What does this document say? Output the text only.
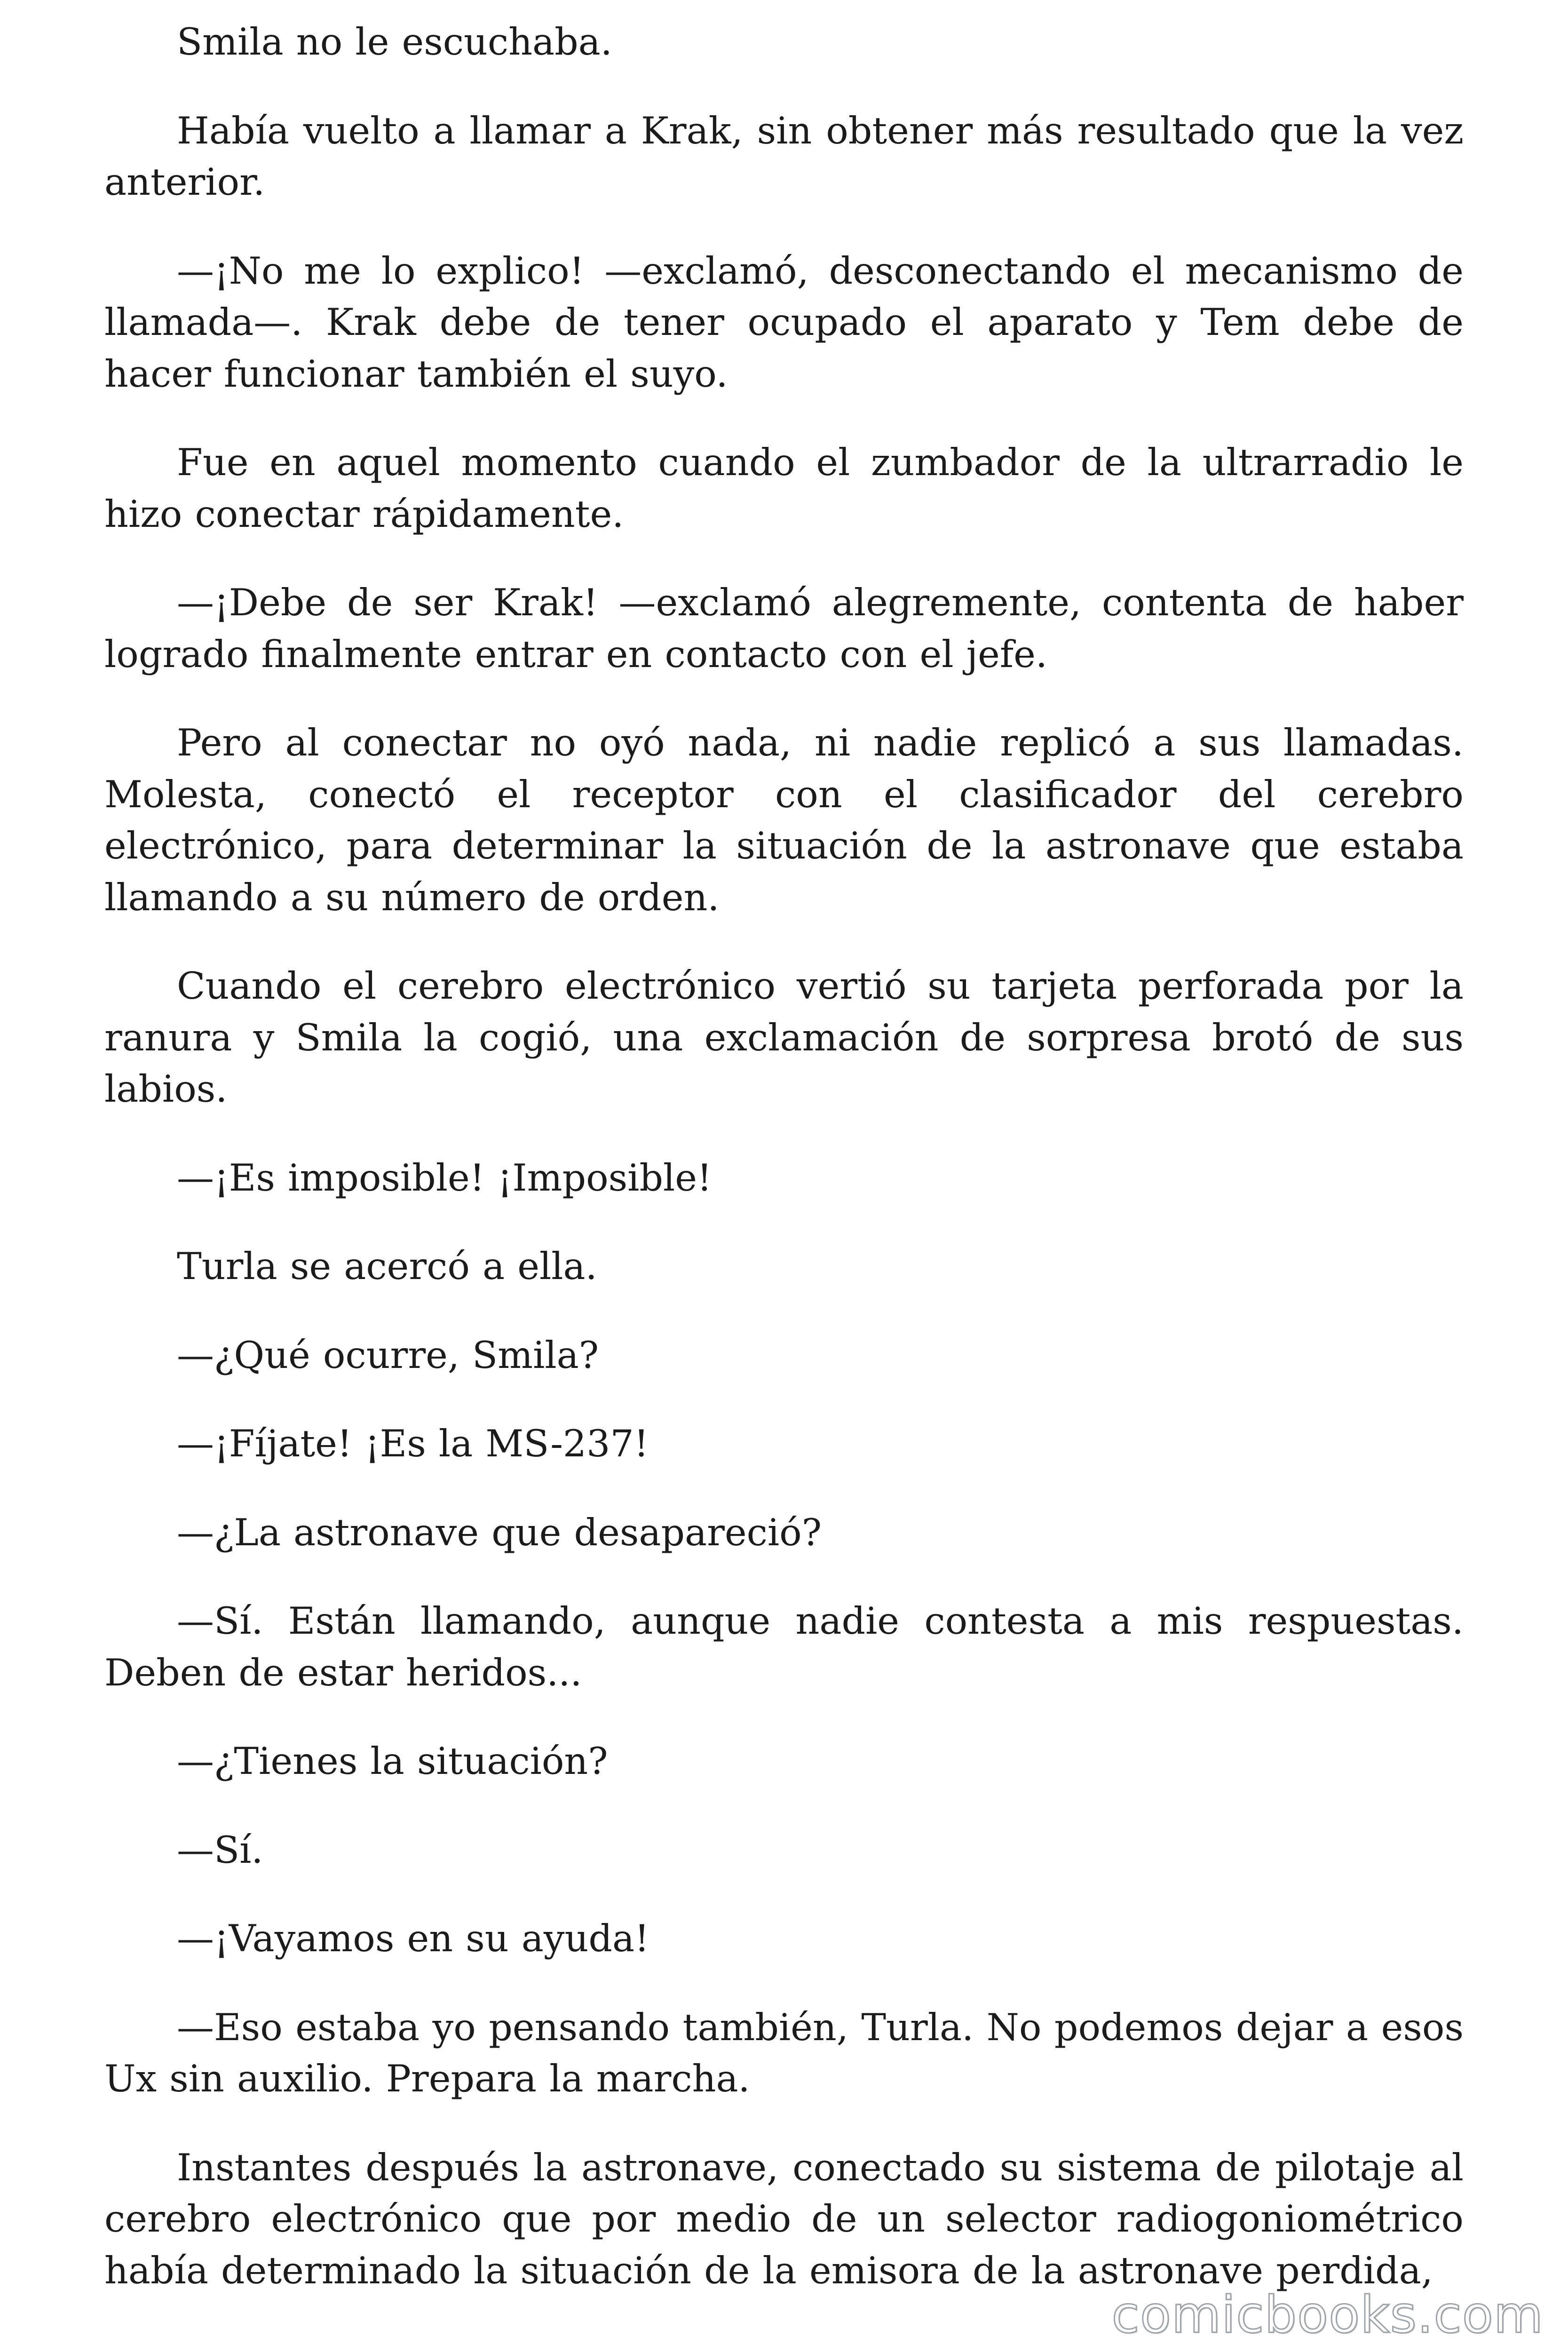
Smila no le escuchaba.

Había vuelto a llamar a Krak, sin obtener más resultado que la vez anterior.

—¡No me lo explico! —exclamó, desconectando el mecanismo de llamada—. Krak debe de tener ocupado el aparato y Tem debe de hacer funcionar también el suyo.

Fue en aquel momento cuando el zumbador de la ultrarradio le hizo conectar rápidamente.

—¡Debe de ser Krak! —exclamó alegremente, contenta de haber logrado finalmente entrar en contacto con el jefe.

Pero al conectar no oyó nada, ni nadie replicó a sus llamadas. Molesta, conectó el receptor con el clasificador del cerebro electrónico, para determinar la situación de la astronave que estaba llamando a su número de orden.

Cuando el cerebro electrónico vertió su tarjeta perforada por la ranura y Smila la cogió, una exclamación de sorpresa brotó de sus labios.

—¡Es imposible! ¡Imposible!

Turla se acercó a ella.

—¿Qué ocurre, Smila?

—¡Fíjate! ¡Es la MS-237!

—¿La astronave que desapareció?

—Sí. Están llamando, aunque nadie contesta a mis respuestas. Deben de estar heridos...

—¿Tienes la situación?

—Sí.

—¡Vayamos en su ayuda!

—Eso estaba yo pensando también, Turla. No podemos dejar a esos Ux sin auxilio. Prepara la marcha.

Instantes después la astronave, conectado su sistema de pilotaje al cerebro electrónico que por medio de un selector radiogoniométrico había determinado la situación de la emisora de la astronave perdida,

comicbooks.com
